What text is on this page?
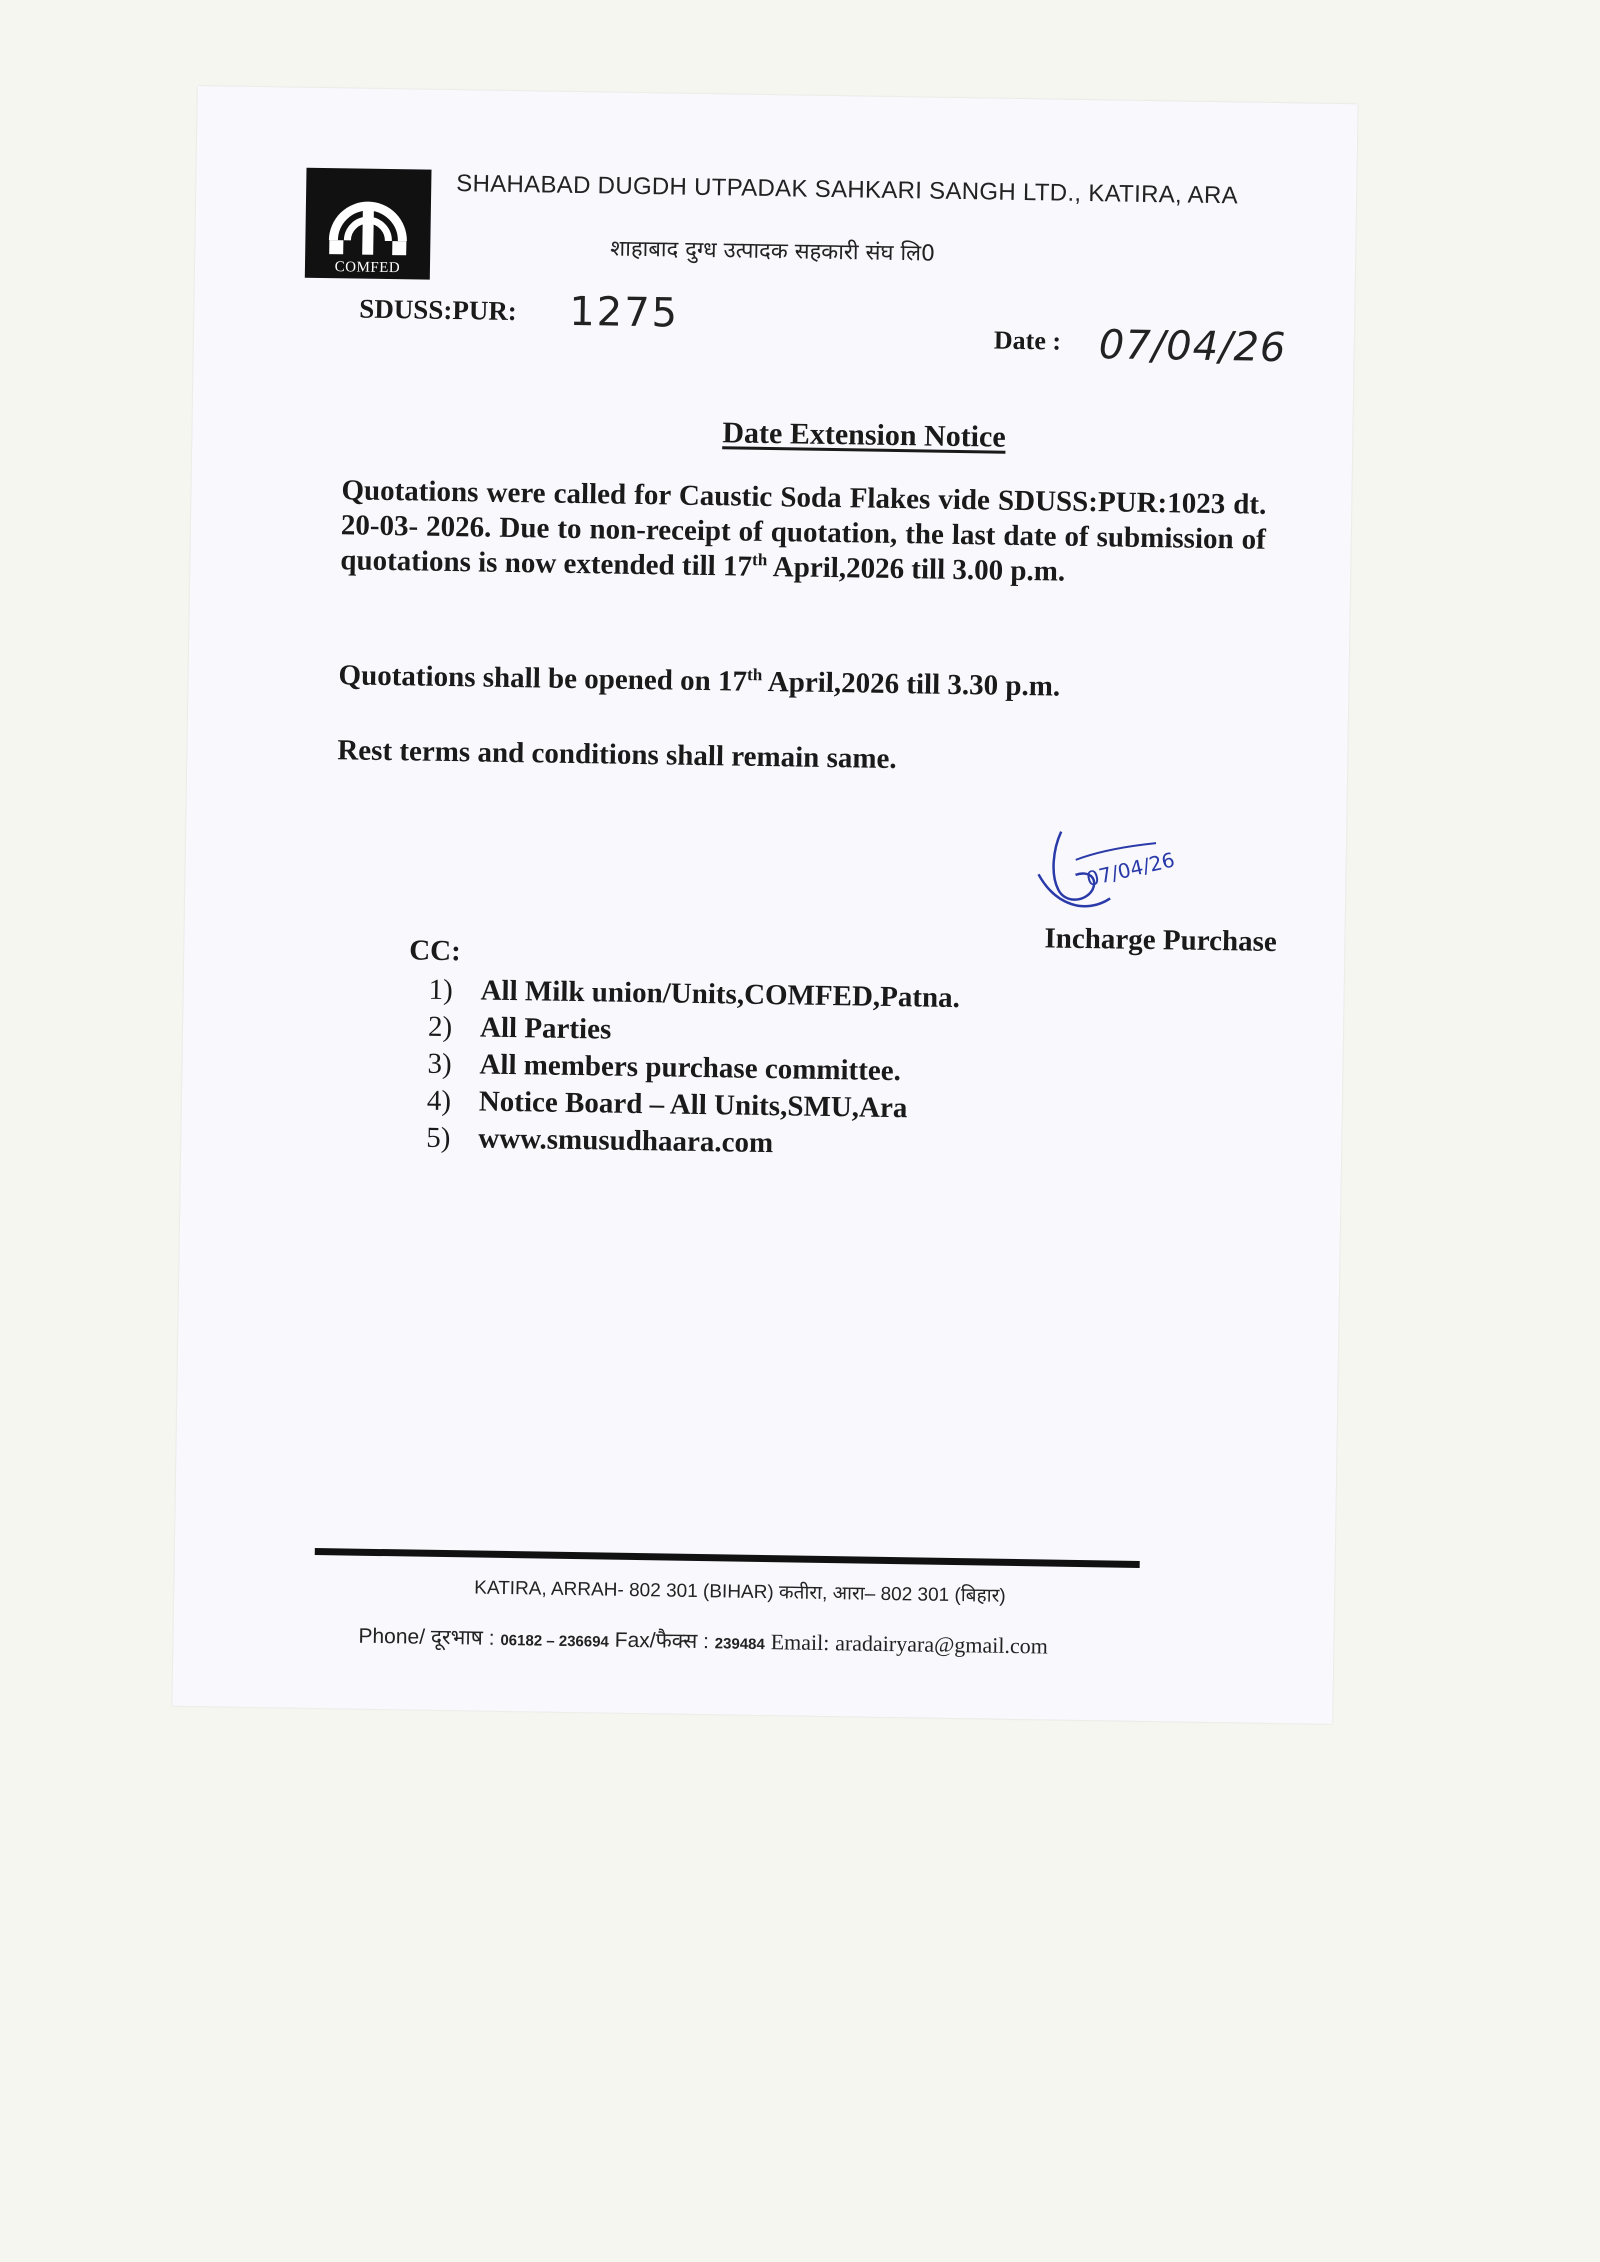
COMFED
SHAHABAD DUGDH UTPADAK SAHKARI SANGH LTD., KATIRA, ARA
शाहाबाद दुग्ध उत्पादक सहकारी संघ लि0
SDUSS:PUR: 1275
Date : 07/04/26
Date Extension Notice
Quotations were called for Caustic Soda Flakes vide SDUSS:PUR:1023 dt. 20-03- 2026. Due to non-receipt of quotation, the last date of submission of quotations is now extended till 17th April,2026 till 3.00 p.m.
Quotations shall be opened on 17th April,2026 till 3.30 p.m.
Rest terms and conditions shall remain same.
07/04/26
Incharge Purchase
CC:
1) All Milk union/Units,COMFED,Patna.
2) All Parties
3) All members purchase committee.
4) Notice Board – All Units,SMU,Ara
5) www.smusudhaara.com
KATIRA, ARRAH- 802 301 (BIHAR) कतीरा, आरा– 802 301 (बिहार)
Phone/ दूरभाष : 06182 – 236694 Fax/फैक्स : 239484 Email: aradairyara@gmail.com
